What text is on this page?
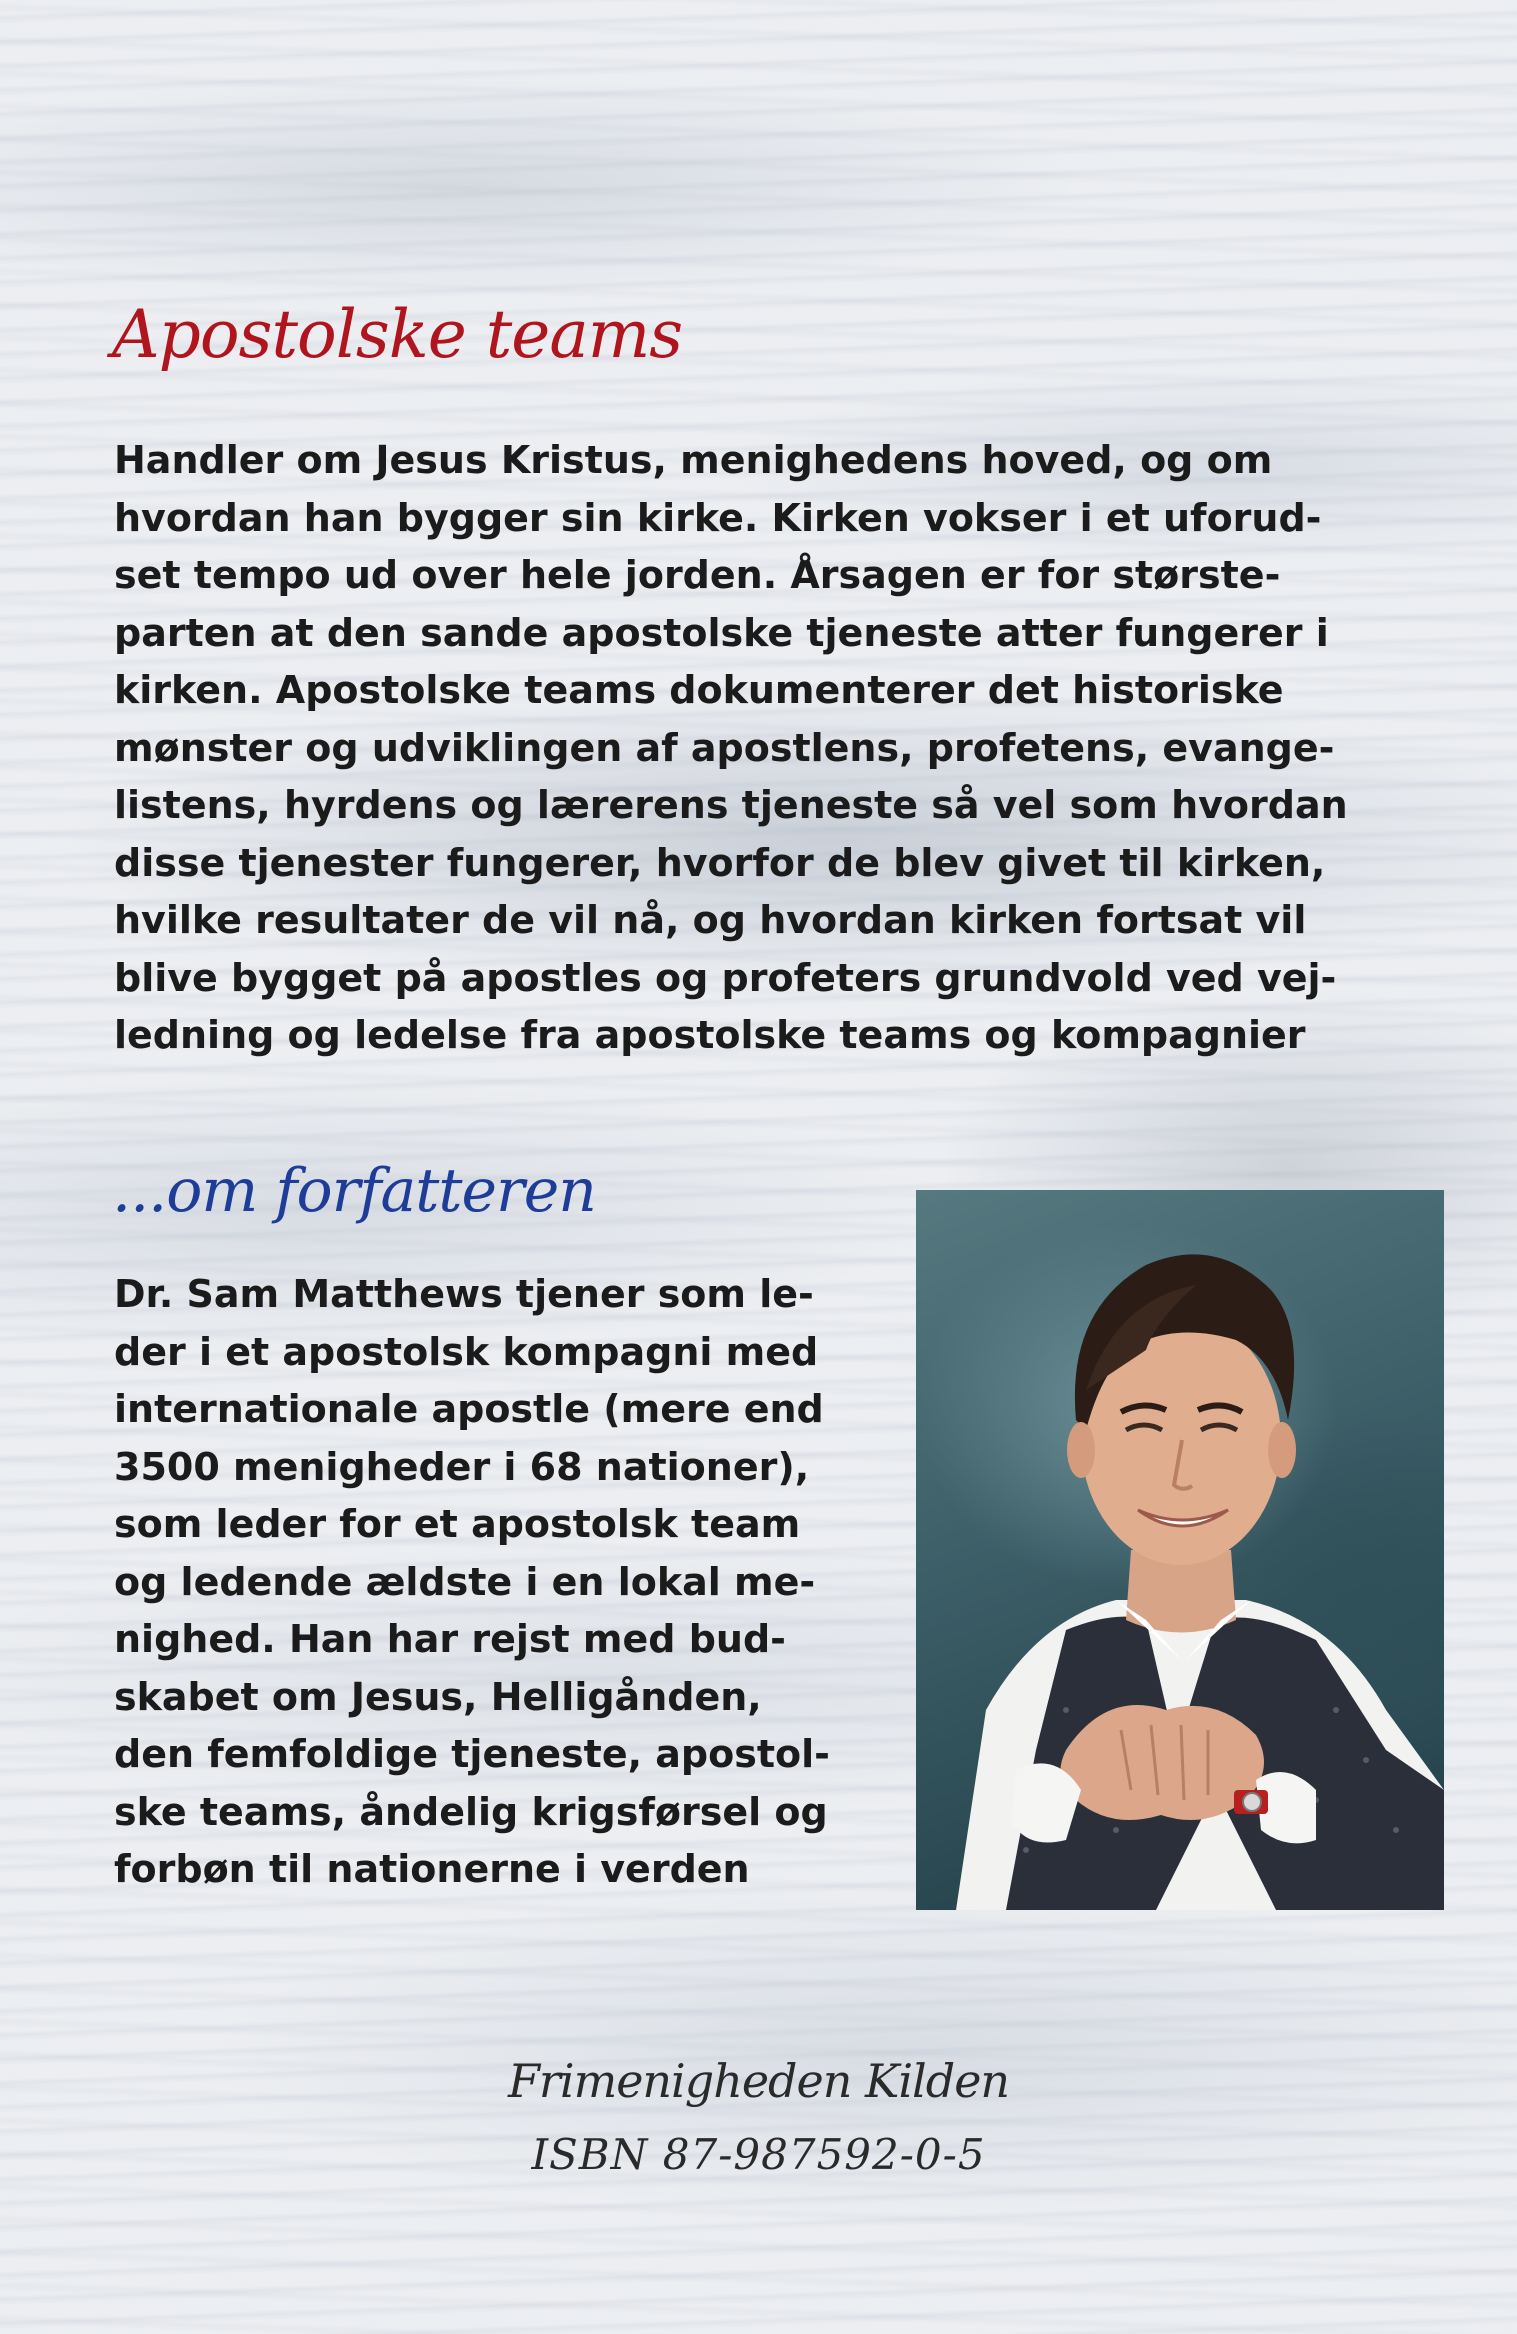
Apostolske teams
Handler om Jesus Kristus, menighedens hoved, og om
hvordan han bygger sin kirke. Kirken vokser i et uforud-
set tempo ud over hele jorden. Årsagen er for største-
parten at den sande apostolske tjeneste atter fungerer i
kirken. Apostolske teams dokumenterer det historiske
mønster og udviklingen af apostlens, profetens, evange-
listens, hyrdens og lærerens tjeneste så vel som hvordan
disse tjenester fungerer, hvorfor de blev givet til kirken,
hvilke resultater de vil nå, og hvordan kirken fortsat vil
blive bygget på apostles og profeters grundvold ved vej-
ledning og ledelse fra apostolske teams og kompagnier
...om forfatteren
Dr. Sam Matthews tjener som le-
der i et apostolsk kompagni med
internationale apostle (mere end
3500 menigheder i 68 nationer),
som leder for et apostolsk team
og ledende ældste i en lokal me-
nighed. Han har rejst med bud-
skabet om Jesus, Helligånden,
den femfoldige tjeneste, apostol-
ske teams, åndelig krigsførsel og
forbøn til nationerne i verden
Frimenigheden Kilden
ISBN 87-987592-0-5
